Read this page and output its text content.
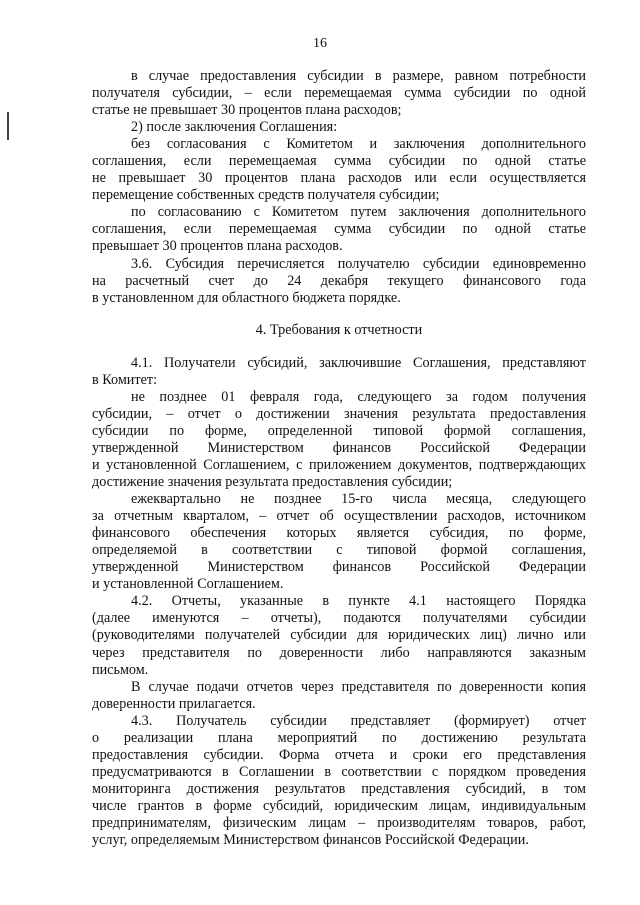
16

в случае предоставления субсидии в размере, равном потребности

получателя субсидии, – если перемещаемая сумма субсидии по одной

статье не превышает 30 процентов плана расходов;

2) после заключения Соглашения:

без согласования с Комитетом и заключения дополнительного

соглашения, если перемещаемая сумма субсидии по одной статье

не превышает 30 процентов плана расходов или если осуществляется

перемещение собственных средств получателя субсидии;

по согласованию с Комитетом путем заключения дополнительного

соглашения, если перемещаемая сумма субсидии по одной статье

превышает 30 процентов плана расходов.

3.6. Субсидия перечисляется получателю субсидии единовременно

на расчетный счет до 24 декабря текущего финансового года

в установленном для областного бюджета порядке.

4. Требования к отчетности

4.1. Получатели субсидий, заключившие Соглашения, представляют

в Комитет:

не позднее 01 февраля года, следующего за годом получения

субсидии, – отчет о достижении значения результата предоставления

субсидии по форме, определенной типовой формой соглашения,

утвержденной Министерством финансов Российской Федерации

и установленной Соглашением, с приложением документов, подтверждающих

достижение значения результата предоставления субсидии;

ежеквартально не позднее 15-го числа месяца, следующего

за отчетным кварталом, – отчет об осуществлении расходов, источником

финансового обеспечения которых является субсидия, по форме,

определяемой в соответствии с типовой формой соглашения,

утвержденной Министерством финансов Российской Федерации

и установленной Соглашением.

4.2. Отчеты, указанные в пункте 4.1 настоящего Порядка

(далее именуются – отчеты), подаются получателями субсидии

(руководителями получателей субсидии для юридических лиц) лично или

через представителя по доверенности либо направляются заказным

письмом.

В случае подачи отчетов через представителя по доверенности копия

доверенности прилагается.

4.3. Получатель субсидии представляет (формирует) отчет

о реализации плана мероприятий по достижению результата

предоставления субсидии. Форма отчета и сроки его представления

предусматриваются в Соглашении в соответствии с порядком проведения

мониторинга достижения результатов представления субсидий, в том

числе грантов в форме субсидий, юридическим лицам, индивидуальным

предпринимателям, физическим лицам – производителям товаров, работ,

услуг, определяемым Министерством финансов Российской Федерации.
